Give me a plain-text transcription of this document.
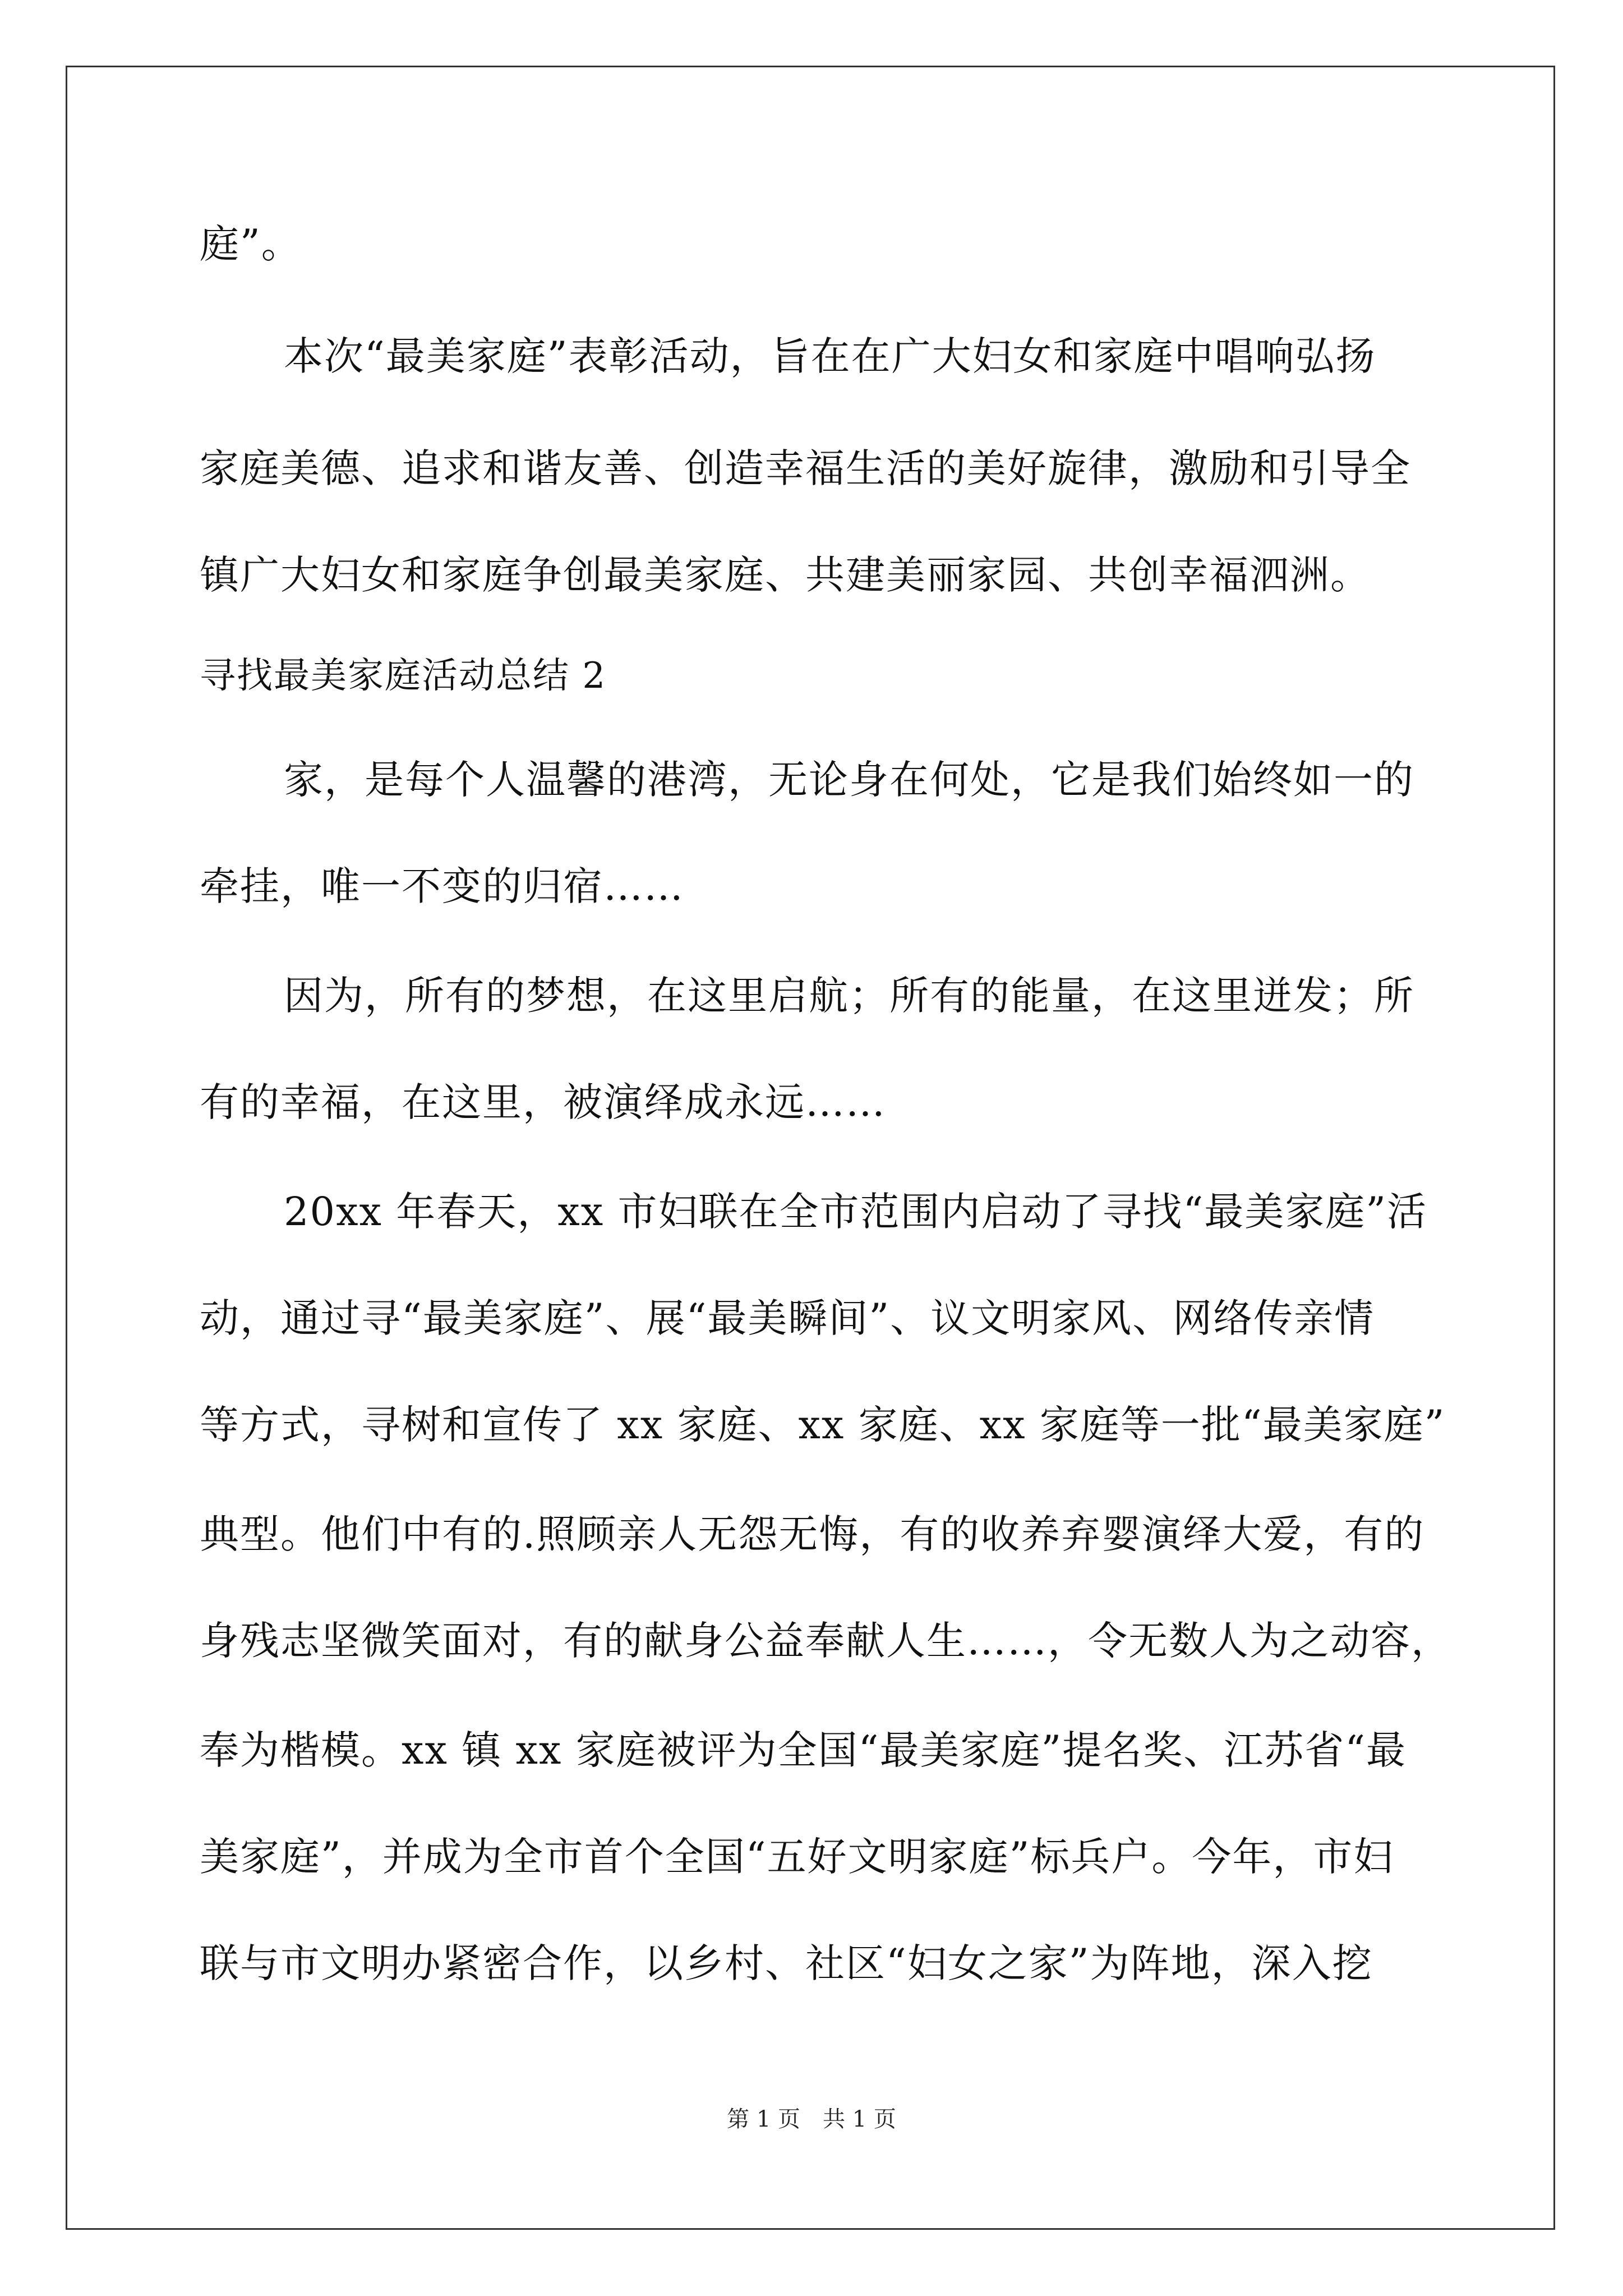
庭”。
本次“最美家庭”表彰活动，旨在在广大妇女和家庭中唱响弘扬
家庭美德、追求和谐友善、创造幸福生活的美好旋律，激励和引导全
镇广大妇女和家庭争创最美家庭、共建美丽家园、共创幸福泗洲。
寻找最美家庭活动总结 2
家，是每个人温馨的港湾，无论身在何处，它是我们始终如一的
牵挂，唯一不变的归宿……
因为，所有的梦想，在这里启航；所有的能量，在这里迸发；所
有的幸福，在这里，被演绎成永远……
20xx 年春天，xx 市妇联在全市范围内启动了寻找“最美家庭”活
动，通过寻“最美家庭”、展“最美瞬间”、议文明家风、网络传亲情
等方式，寻树和宣传了 xx 家庭、xx 家庭、xx 家庭等一批“最美家庭”
典型。他们中有的.照顾亲人无怨无悔，有的收养弃婴演绎大爱，有的
身残志坚微笑面对，有的献身公益奉献人生……，令无数人为之动容，
奉为楷模。xx 镇 xx 家庭被评为全国“最美家庭”提名奖、江苏省“最
美家庭”，并成为全市首个全国“五好文明家庭”标兵户。今年，市妇
联与市文明办紧密合作，以乡村、社区“妇女之家”为阵地，深入挖
第 1 页 共 1 页
